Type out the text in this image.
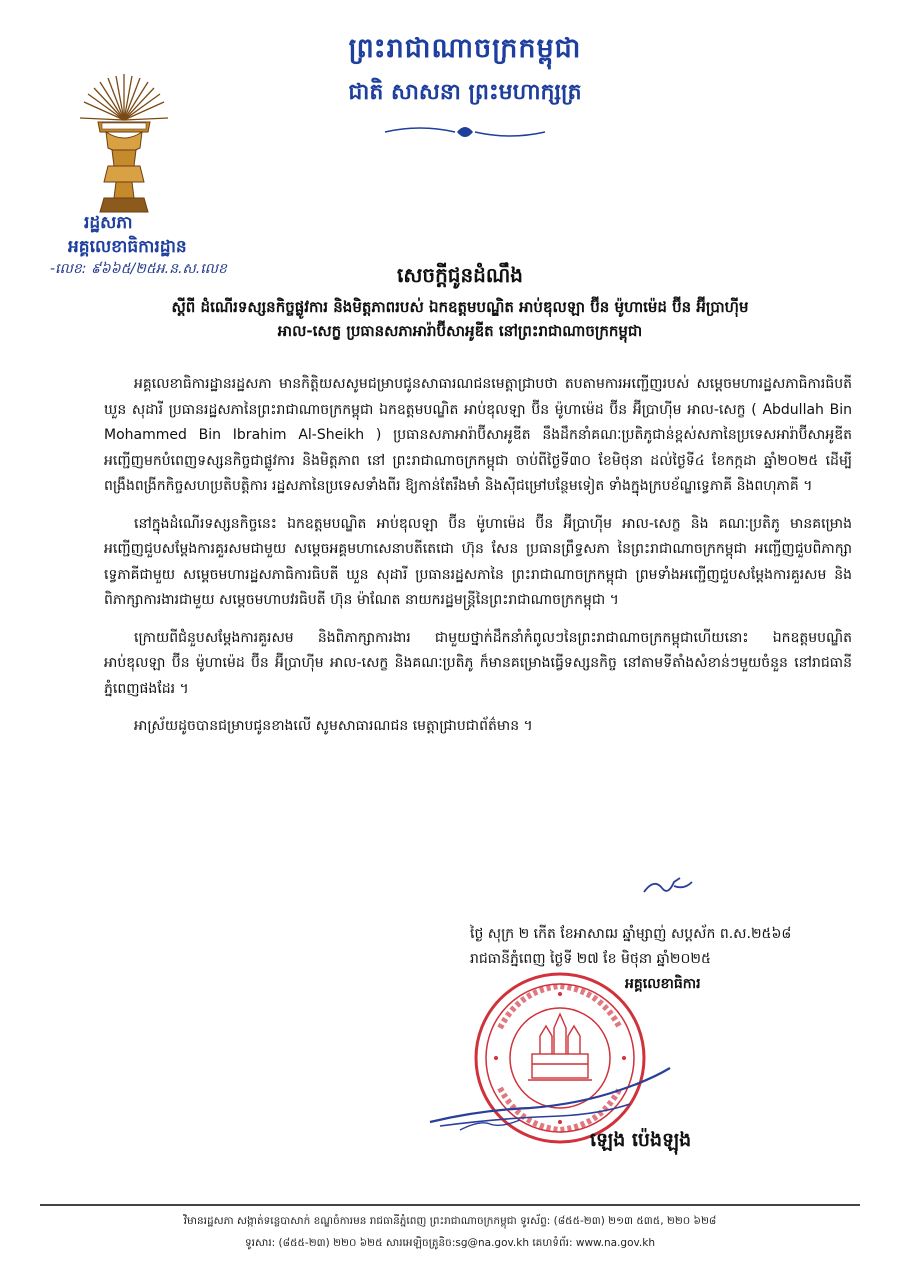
ព្រះរាជាណាចក្រកម្ពុជា
ជាតិ សាសនា ព្រះមហាក្សត្រ
រដ្ឋសភា
អគ្គលេខាធិការដ្ឋាន
-លេខ: ៩៦៦៥/២៥អ.ន.ស.លេខ	សេចក្តីជូនដំណឹង
ស្តីពី ដំណើរទស្សនកិច្ចផ្លូវការ និងមិត្តភាពរបស់ ឯកឧត្តមបណ្ឌិត អាប់ឌុលឡា ប៊ីន ម៉ូហាម៉េដ ប៊ីន អ៊ីប្រាហ៊ីម
អាល-សេក្ខ ប្រធានសភាអារ៉ាប៊ីសាអូឌីត នៅព្រះរាជាណាចក្រកម្ពុជា

អគ្គលេខាធិការដ្ឋានរដ្ឋសភា មានកិត្តិយសសូមជម្រាបជូនសាធារណជនមេត្តាជ្រាបថា តបតាមការអញ្ជើញរបស់ សម្តេចមហារដ្ឋសភាធិការធិបតី ឃួន សុដារី ប្រធានរដ្ឋសភានៃព្រះរាជាណាចក្រកម្ពុជា ឯកឧត្តមបណ្ឌិត អាប់ឌុលឡា ប៊ីន ម៉ូហាម៉េដ ប៊ីន អ៊ីប្រាហ៊ីម អាល-សេក្ខ ( Abdullah Bin Mohammed Bin Ibrahim Al-Sheikh ) ប្រធានសភាអារ៉ាប៊ីសាអូឌីត នឹងដឹកនាំគណៈប្រតិភូជាន់ខ្ពស់សភានៃប្រទេសអារ៉ាប៊ីសាអូឌីត អញ្ជើញមកបំពេញទស្សនកិច្ចជាផ្លូវការ និងមិត្តភាព នៅ ព្រះរាជាណាចក្រកម្ពុជា ចាប់ពីថ្ងៃទី៣០ ខែមិថុនា ដល់ថ្ងៃទី៤ ខែកក្កដា ឆ្នាំ២០២៥ ដើម្បីពង្រឹងពង្រីកកិច្ចសហប្រតិបត្តិការ រដ្ឋសភានៃប្រទេសទាំងពីរ ឱ្យកាន់តែរឹងមាំ និងស៊ីជម្រៅបន្ថែមទៀត ទាំងក្នុងក្របខ័ណ្ឌទ្វេភាគី និងពហុភាគី ។

នៅក្នុងដំណើរទស្សនកិច្ចនេះ ឯកឧត្តមបណ្ឌិត អាប់ឌុលឡា ប៊ីន ម៉ូហាម៉េដ ប៊ីន អ៊ីប្រាហ៊ីម អាល-សេក្ខ និង គណៈប្រតិភូ មានគម្រោង អញ្ជើញជួបសម្តែងការគួរសមជាមួយ សម្តេចអគ្គមហាសេនាបតីតេជោ ហ៊ុន សែន ប្រធានព្រឹទ្ធសភា នៃព្រះរាជាណាចក្រកម្ពុជា អញ្ជើញជួបពិភាក្សាទ្វេភាគីជាមួយ សម្តេចមហារដ្ឋសភាធិការធិបតី ឃួន សុដារី ប្រធានរដ្ឋសភានៃ ព្រះរាជាណាចក្រកម្ពុជា ព្រមទាំងអញ្ជើញជួបសម្តែងការគួរសម និងពិភាក្សាការងារជាមួយ សម្តេចមហាបវរធិបតី ហ៊ុន ម៉ាណែត នាយករដ្ឋមន្ត្រីនៃព្រះរាជាណាចក្រកម្ពុជា ។

ក្រោយពីជំនួបសម្តែងការគួរសម និងពិភាក្សាការងារ ជាមួយថ្នាក់ដឹកនាំកំពូលៗនៃព្រះរាជាណាចក្រកម្ពុជាហើយនោះ ឯកឧត្តមបណ្ឌិត អាប់ឌុលឡា ប៊ីន ម៉ូហាម៉េដ ប៊ីន អ៊ីប្រាហ៊ីម អាល-សេក្ខ និងគណៈប្រតិភូ ក៏មានគម្រោងធ្វើទស្សនកិច្ច នៅតាមទីតាំងសំខាន់ៗមួយចំនួន នៅរាជធានីភ្នំពេញផងដែរ ។

អាស្រ័យដូចបានជម្រាបជូនខាងលើ សូមសាធារណជន មេត្តាជ្រាបជាព័ត៌មាន ។

ថ្ងៃ សុក្រ ២ កើត ខែអាសាឍ ឆ្នាំម្សាញ់ សប្តស័ក ព.ស.២៥៦៨
រាជធានីភ្នំពេញ ថ្ងៃទី ២៧ ខែ មិថុនា ឆ្នាំ២០២៥
អគ្គលេខាធិការ
ឡេង ប៉េងឡុង
វិមានរដ្ឋសភា សង្កាត់ទន្លេបាសាក់ ខណ្ឌចំការមន រាជធានីភ្នំពេញ ព្រះរាជាណាចក្រកម្ពុជា ទូរស័ព្ទ: (៨៥៥-២៣) ២១៣ ៥៣៥, ២២០ ៦២៨
ទូរសារ: (៨៥៥-២៣) ២២០ ៦២៥ សារអេឡិចត្រូនិច:sg@na.gov.kh គេហទំព័រ: www.na.gov.kh
